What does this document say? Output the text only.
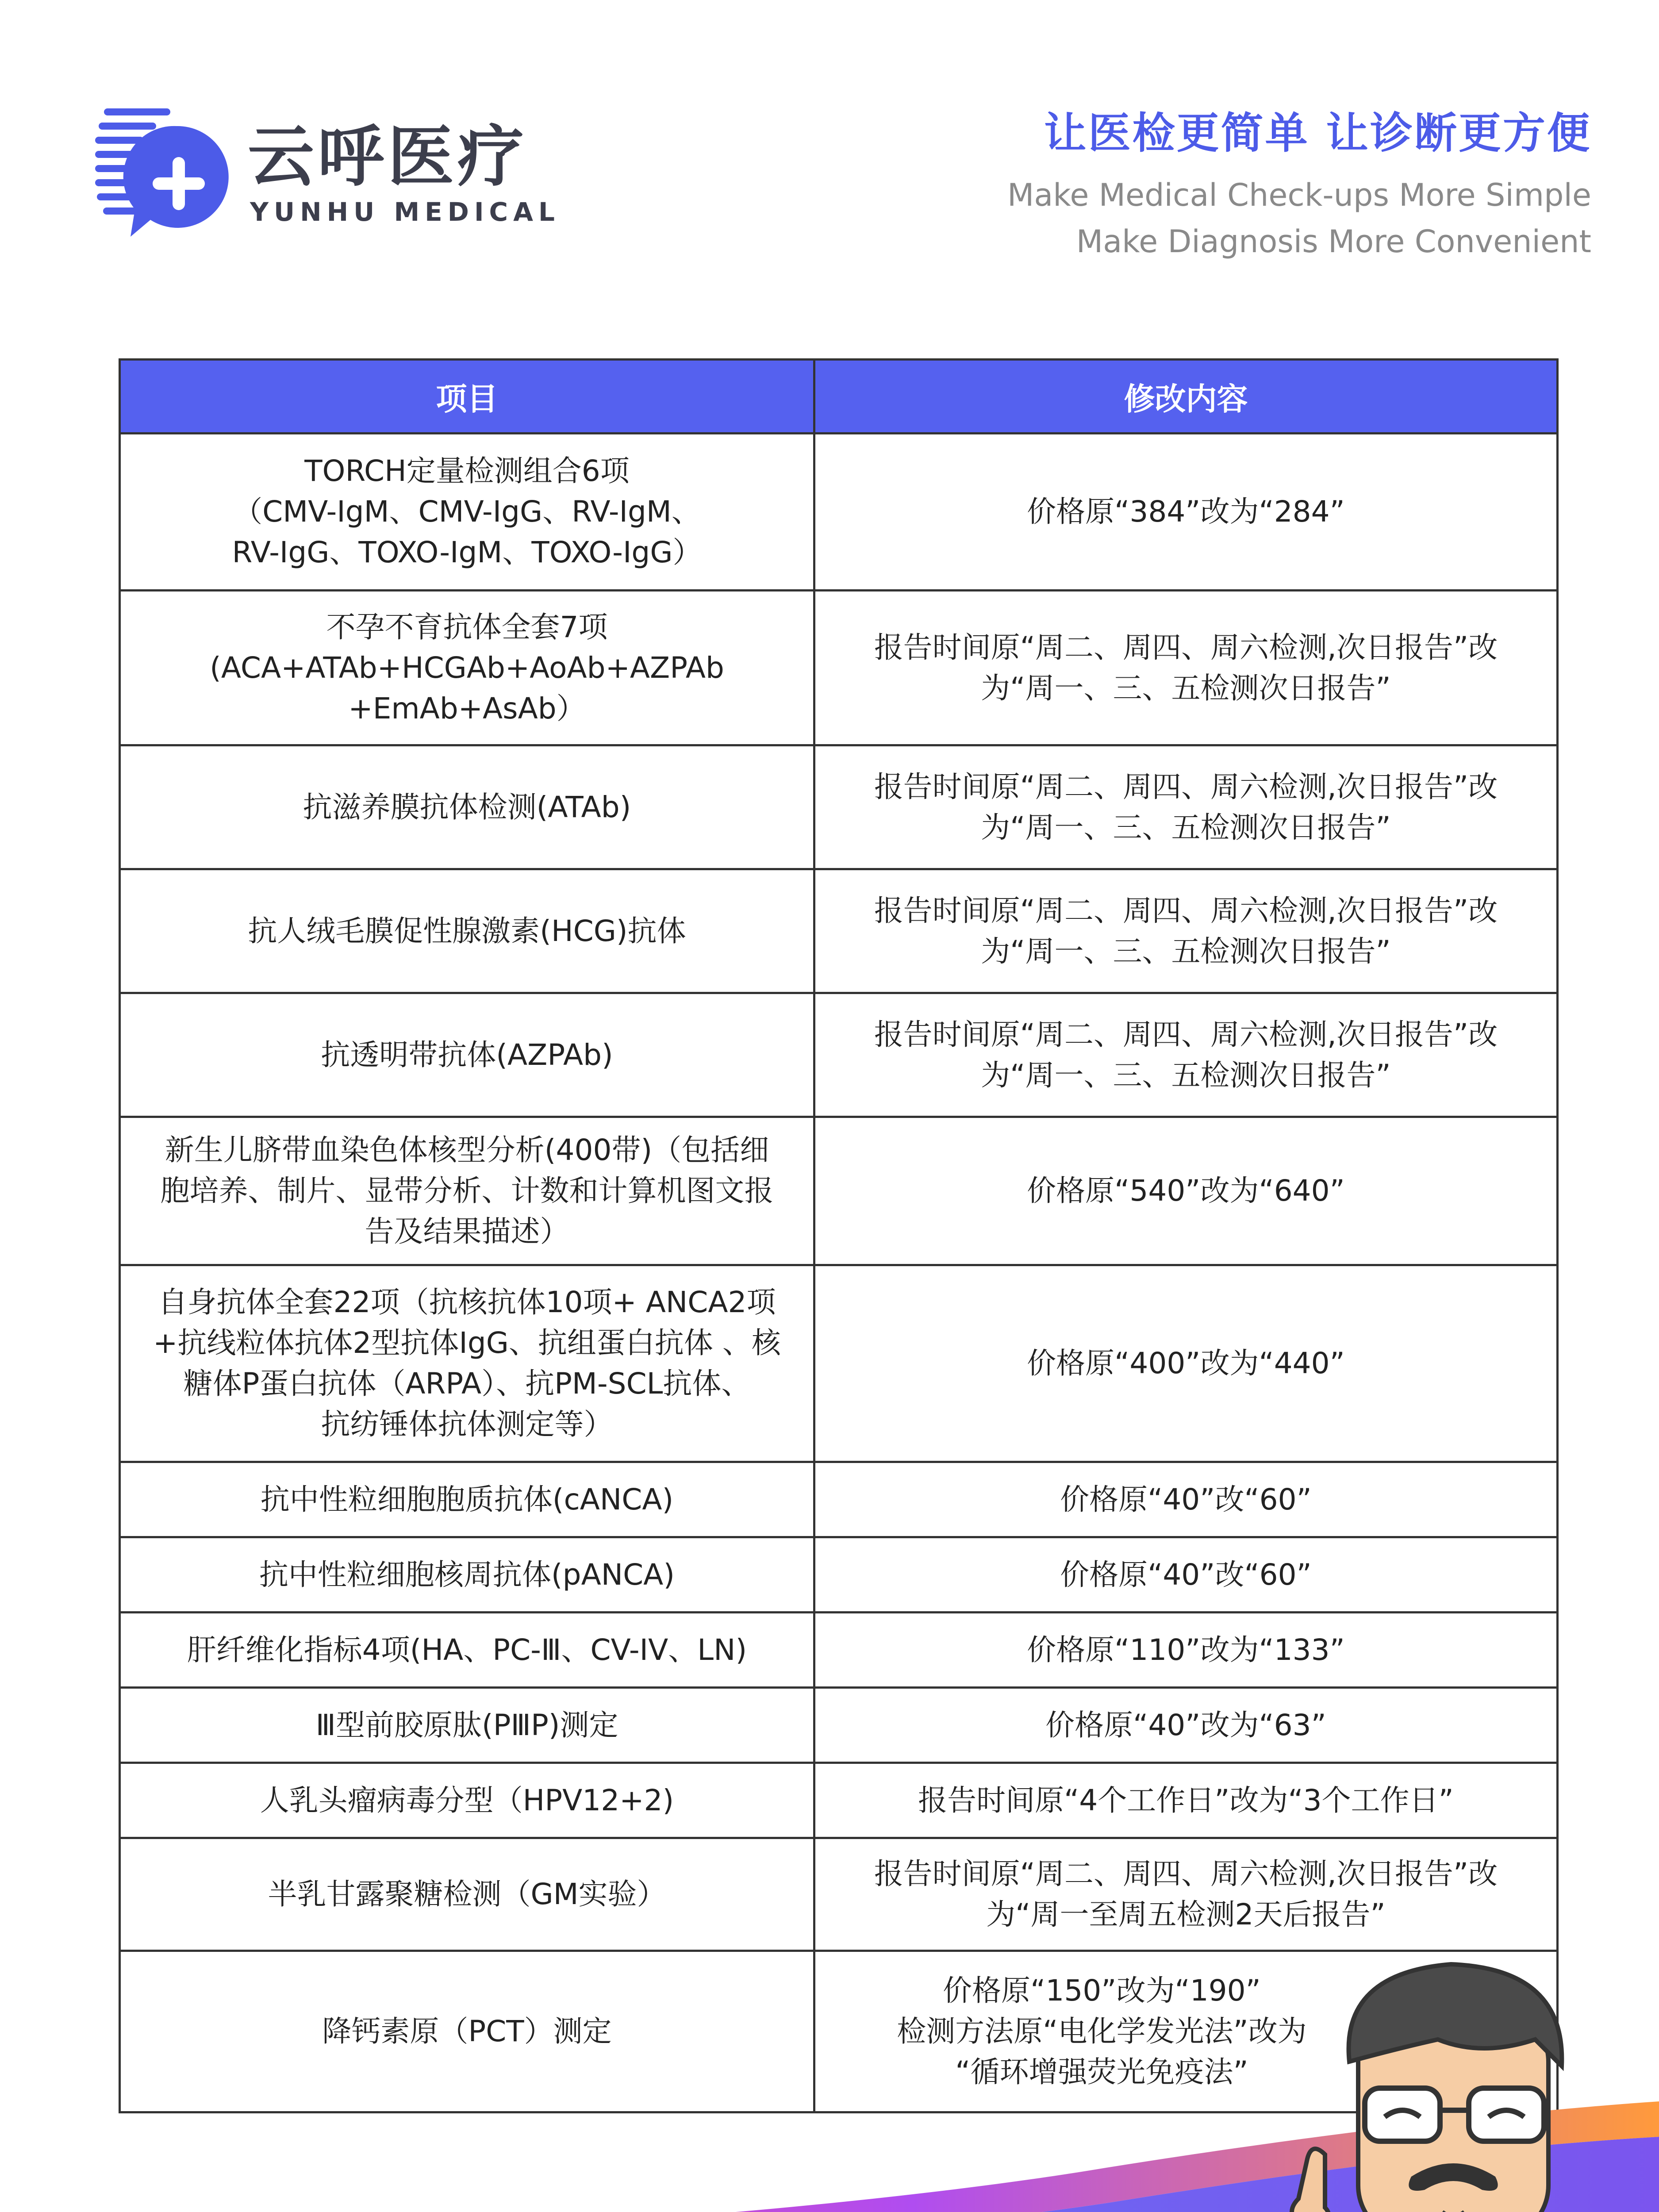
云呼医疗
YUNHU MEDICAL
让医检更简单 让诊断更方便
Make Medical Check-ups More Simple
Make Diagnosis More Convenient
项目	修改内容
TORCH定量检测组合6项
（CMV-IgM、CMV-IgG、RV-IgM、
RV-IgG、TOXO-IgM、TOXO-IgG）	价格原“384”改为“284”
不孕不育抗体全套7项
(ACA+ATAb+HCGAb+AoAb+AZPAb
+EmAb+AsAb）	报告时间原“周二、周四、周六检测,次日报告”改
为“周一、三、五检测次日报告”
抗滋养膜抗体检测(ATAb)	报告时间原“周二、周四、周六检测,次日报告”改
为“周一、三、五检测次日报告”
抗人绒毛膜促性腺激素(HCG)抗体	报告时间原“周二、周四、周六检测,次日报告”改
为“周一、三、五检测次日报告”
抗透明带抗体(AZPAb)	报告时间原“周二、周四、周六检测,次日报告”改
为“周一、三、五检测次日报告”
新生儿脐带血染色体核型分析(400带)（包括细
胞培养、制片、显带分析、计数和计算机图文报
告及结果描述）	价格原“540”改为“640”
自身抗体全套22项（抗核抗体10项+ ANCA2项
+抗线粒体抗体2型抗体IgG、抗组蛋白抗体 、核
糖体P蛋白抗体（ARPA）、抗PM-SCL抗体、
抗纺锤体抗体测定等）	价格原“400”改为“440”
抗中性粒细胞胞质抗体(cANCA)	价格原“40”改“60”
抗中性粒细胞核周抗体(pANCA)	价格原“40”改“60”
肝纤维化指标4项(HA、PC-Ⅲ、CV-IV、LN)	价格原“110”改为“133”
Ⅲ型前胶原肽(PⅢP)测定	价格原“40”改为“63”
人乳头瘤病毒分型（HPV12+2)	报告时间原“4个工作日”改为“3个工作日”
半乳甘露聚糖检测（GM实验）	报告时间原“周二、周四、周六检测,次日报告”改
为“周一至周五检测2天后报告”
降钙素原（PCT）测定	价格原“150”改为“190”
检测方法原“电化学发光法”改为
“循环增强荧光免疫法”
